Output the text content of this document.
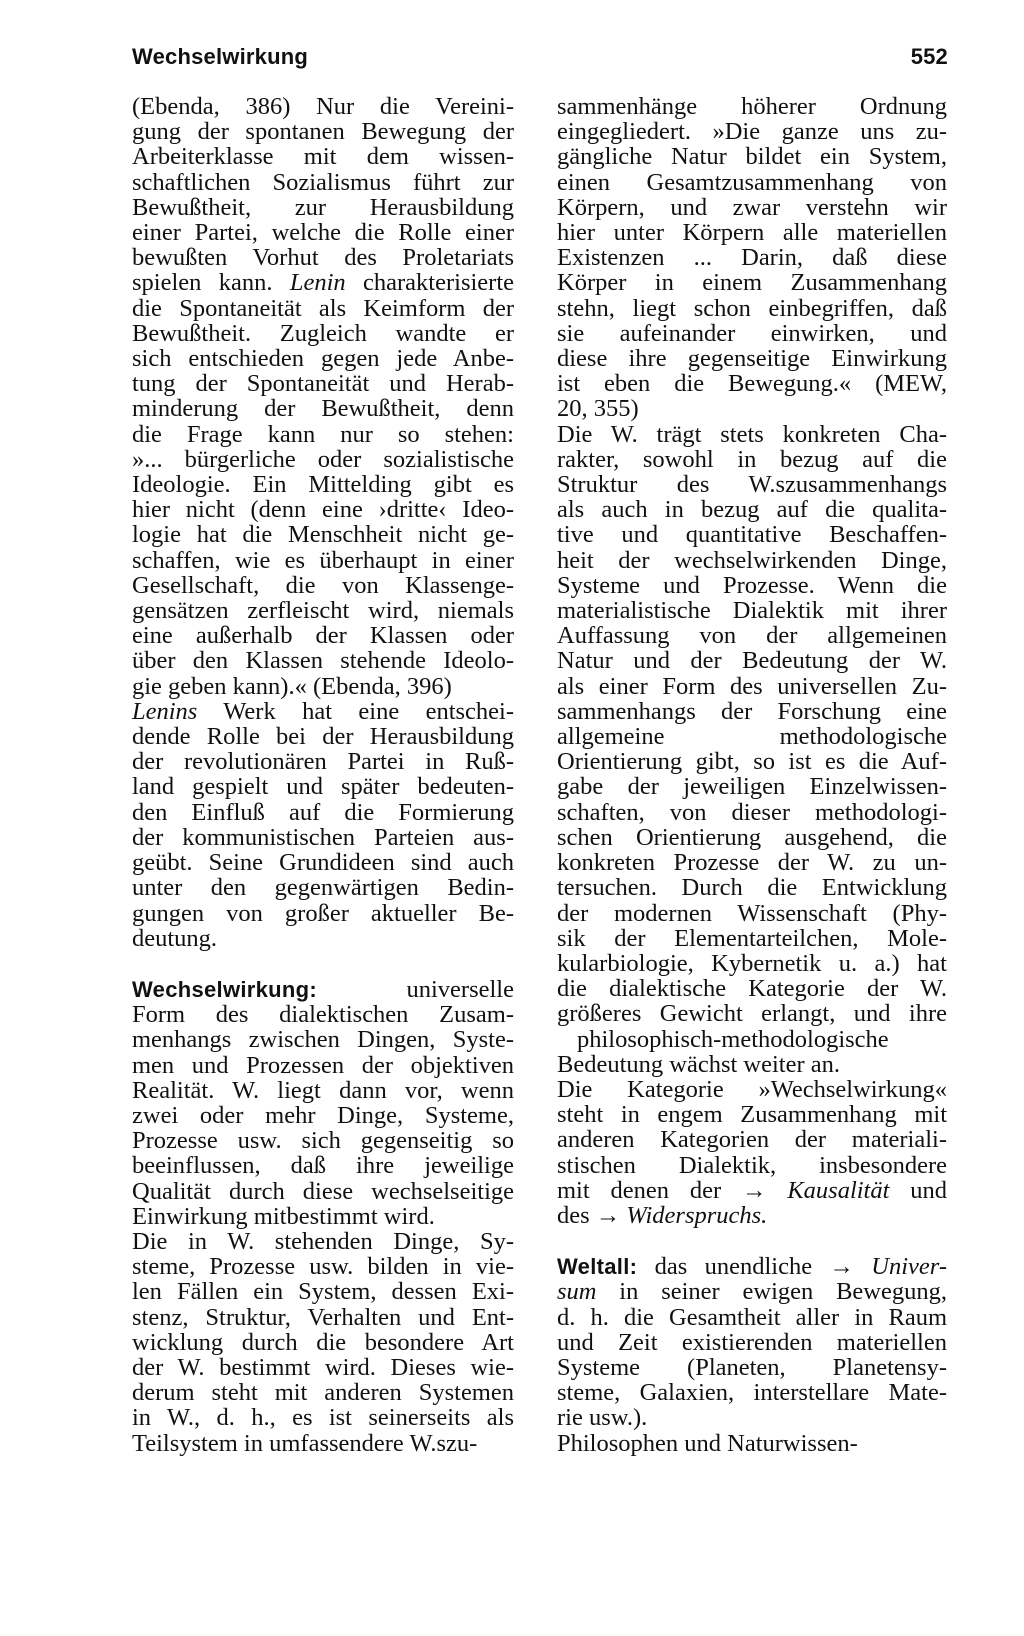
Wechselwirkung	552
(Ebenda, 386) Nur die Vereini-
gung der spontanen Bewegung der
Arbeiterklasse mit dem wissen-
schaftlichen Sozialismus führt zur
Bewußtheit, zur Herausbildung
einer Partei, welche die Rolle einer
bewußten Vorhut des Proletariats
spielen kann. Lenin charakterisierte
die Spontaneität als Keimform der
Bewußtheit. Zugleich wandte er
sich entschieden gegen jede Anbe-
tung der Spontaneität und Herab-
minderung der Bewußtheit, denn
die Frage kann nur so stehen:
»... bürgerliche oder sozialistische
Ideologie. Ein Mittelding gibt es
hier nicht (denn eine ›dritte‹ Ideo-
logie hat die Menschheit nicht ge-
schaffen, wie es überhaupt in einer
Gesellschaft, die von Klassenge-
gensätzen zerfleischt wird, niemals
eine außerhalb der Klassen oder
über den Klassen stehende Ideolo-
gie geben kann).« (Ebenda, 396)
Lenins Werk hat eine entschei-
dende Rolle bei der Herausbildung
der revolutionären Partei in Ruß-
land gespielt und später bedeuten-
den Einfluß auf die Formierung
der kommunistischen Parteien aus-
geübt. Seine Grundideen sind auch
unter den gegenwärtigen Bedin-
gungen von großer aktueller Be-
deutung.
Wechselwirkung: universelle
Form des dialektischen Zusam-
menhangs zwischen Dingen, Syste-
men und Prozessen der objektiven
Realität. W. liegt dann vor, wenn
zwei oder mehr Dinge, Systeme,
Prozesse usw. sich gegenseitig so
beeinflussen, daß ihre jeweilige
Qualität durch diese wechselseitige
Einwirkung mitbestimmt wird.
Die in W. stehenden Dinge, Sy-
steme, Prozesse usw. bilden in vie-
len Fällen ein System, dessen Exi-
stenz, Struktur, Verhalten und Ent-
wicklung durch die besondere Art
der W. bestimmt wird. Dieses wie-
derum steht mit anderen Systemen
in W., d. h., es ist seinerseits als
Teilsystem in umfassendere W.szu-
sammenhänge höherer Ordnung
eingegliedert. »Die ganze uns zu-
gängliche Natur bildet ein System,
einen Gesamtzusammenhang von
Körpern, und zwar verstehn wir
hier unter Körpern alle materiellen
Existenzen ... Darin, daß diese
Körper in einem Zusammenhang
stehn, liegt schon einbegriffen, daß
sie aufeinander einwirken, und
diese ihre gegenseitige Einwirkung
ist eben die Bewegung.« (MEW,
20, 355)
Die W. trägt stets konkreten Cha-
rakter, sowohl in bezug auf die
Struktur des W.szusammenhangs
als auch in bezug auf die qualita-
tive und quantitative Beschaffen-
heit der wechselwirkenden Dinge,
Systeme und Prozesse. Wenn die
materialistische Dialektik mit ihrer
Auffassung von der allgemeinen
Natur und der Bedeutung der W.
als einer Form des universellen Zu-
sammenhangs der Forschung eine
allgemeine methodologische
Orientierung gibt, so ist es die Auf-
gabe der jeweiligen Einzelwissen-
schaften, von dieser methodologi-
schen Orientierung ausgehend, die
konkreten Prozesse der W. zu un-
tersuchen. Durch die Entwicklung
der modernen Wissenschaft (Phy-
sik der Elementarteilchen, Mole-
kularbiologie, Kybernetik u. a.) hat
die dialektische Kategorie der W.
größeres Gewicht erlangt, und ihre
philosophisch-methodologische
Bedeutung wächst weiter an.
Die Kategorie »Wechselwirkung«
steht in engem Zusammenhang mit
anderen Kategorien der materiali-
stischen Dialektik, insbesondere
mit denen der → Kausalität und
des → Widerspruchs.
Weltall: das unendliche → Univer-
sum in seiner ewigen Bewegung,
d. h. die Gesamtheit aller in Raum
und Zeit existierenden materiellen
Systeme (Planeten, Planetensy-
steme, Galaxien, interstellare Mate-
rie usw.).
Philosophen und Naturwissen-
